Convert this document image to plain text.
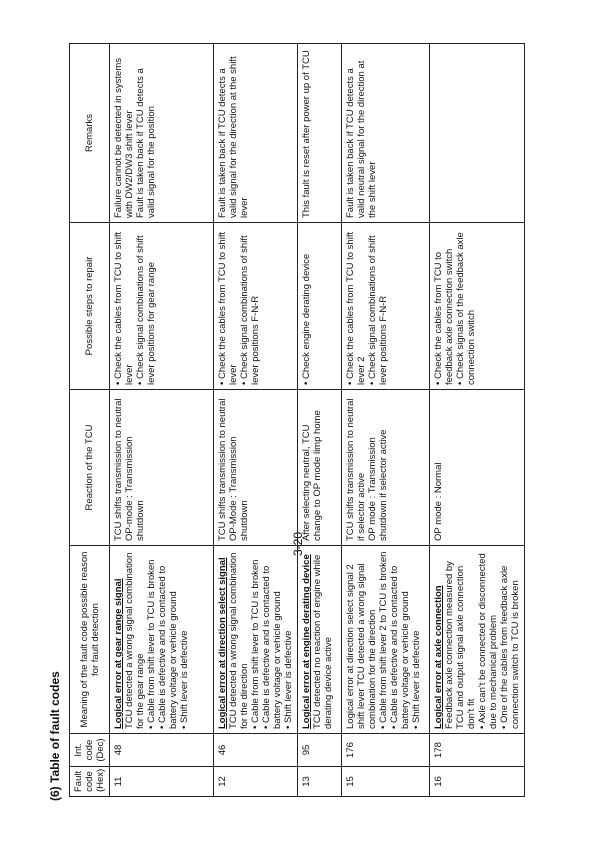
(6) Table of fault codes Fault code (Hex)	Int. code (Dec)	Meaning of the fault code possible reason for fault detection	Reaction of the TCU	Possible steps to repair	Remarks
11	48	Logical error at gear range signal TCU detected a wrong signal combination for the gear range • Cable from shift lever to TCU is broken • Cable is defective and is contacted to battery voltage or vehicle ground • Shift lever is defective	TCU shifts transmission to neutral OP-mode : Transmission shutdown	• Check the cables from TCU to shift lever • Check signal combinations of shift lever positions for gear range	Failure cannot be detected in systems with DW2/DW3 shift lever Fault is taken back if TCU detects a valid signal for the position

12	46	Logical error at direction select signal TCU detected a wrong signal combination for the direction • Cable from shift lever to TCU is broken • Cable is defective and is contacted to battery voltage or vehicle ground • Shift lever is defective	TCU shifts transmission to neutral OP-Mode : Transmission shutdown	• Check the cables from TCU to shift lever • Check signal combinations of shift lever positions F-N-R	Fault is taken back if TCU detects a valid signal for the direction at the shift lever

13	95	Logical error at engine derating device TCU detected no reaction of engine while derating device active	After selecting neutral, TCU change to OP mode limp home	• Check engine derating device	This fault is reset after power up of TCU

15	176	Logical error at direction select signal 2 shift lever TCU detected a wrong signal combination for the direction • Cable from shift lever 2 to TCU is broken • Cable is defective and is contacted to battery voltage or vehicle ground • Shift lever is defective	TCU shifts transmission to neutral if selector active OP mode : Transmission shutdown if selector active	• Check the cables from TCU to shift lever 2 • Check signal combinations of shift lever positions F-N-R	Fault is taken back if TCU detects a valid neutral signal for the direction at the shift lever

16	178	Logical error at axle connection Feedback axle connection measured by TCU and output signal axle connection don't fit • Axle can't be connected or disconnected due to mechanical problem • One of the cables from feedback axle connection switch to TCU is broken	OP mode : Normal	• Check the cables from TCU to feedback axle connection switch • Check signals of the feedback axle connection switch	

3-20
